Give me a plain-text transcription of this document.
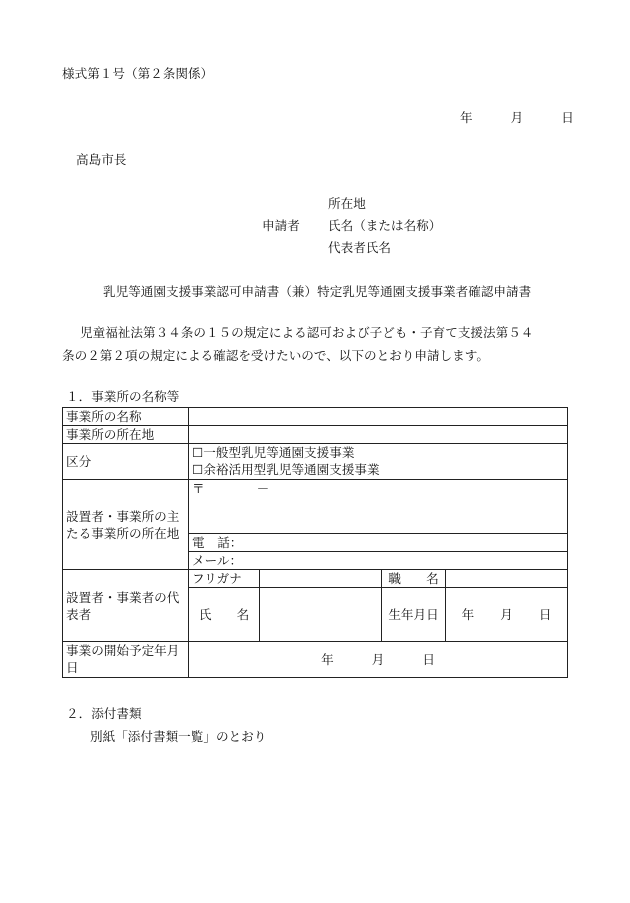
様式第１号（第２条関係）
年	月	日
高島市長
所在地
申請者 氏名（または名称）
代表者氏名
乳児等通園支援事業認可申請書（兼）特定乳児等通園支援事業者確認申請書
児童福祉法第３４条の１５の規定による認可および子ども・子育て支援法第５４
条の２第２項の規定による確認を受けたいので、以下のとおり申請します。
１．事業所の名称等
事業所の名称				
事業所の所在地				
区分	☐一般型乳児等通園支援事業
☐余裕活用型乳児等通園支援事業			

設置者・事業所の主たる事業所の所在地	〒 －			
	電　話：			
	メール：			
設置者・事業者の代表者	フリガナ		職　　名	
	氏　　名		生年月日	年 月 日
事業の開始予定年月日	年 月 日			
２．添付書類
別紙「添付書類一覧」のとおり
